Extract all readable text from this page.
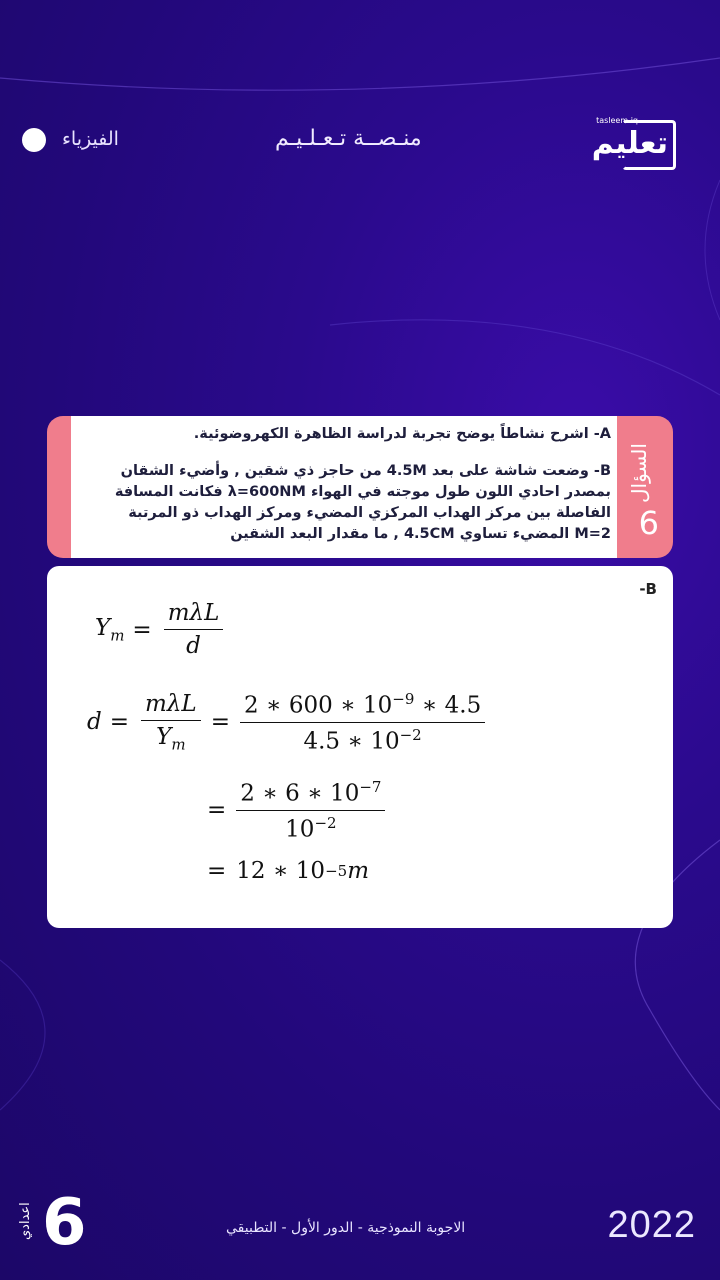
الفيزياء	منـصــة تـعـلـيـم
tasleem.iq
تعليم

A- اشرح نشاطاً يوضح تجربة لدراسة الظاهرة الكهروضوئية.

B- وضعت شاشة على بعد 4.5M من حاجز ذي شقين , وأضيء الشقان

بمصدر احادي اللون طول موجته في الهواء λ=600NM فكانت المسافة

الفاصلة بين مركز الهداب المركزي المضيء ومركز الهداب ذو المرتبة

M=2 المضيء تساوي 4.5CM , ما مقدار البعد الشقين

السؤال
6
-B
$Y_m = \frac{\text{mλL}}{d}$
$d = \frac{\text{mλL}}{Y_m} = \frac{2 ∗ 600 ∗ 10^{-9} ∗ 4.5}{4.5 ∗ 10^{-2}}$
= $\frac{2 ∗ 6 ∗ 10^{-7}}{10^{-2}}$
= 12 ∗ 10 −5 m
اعدادي 6	الاجوبة النموذجية - الدور الأول - التطبيقي	2022
